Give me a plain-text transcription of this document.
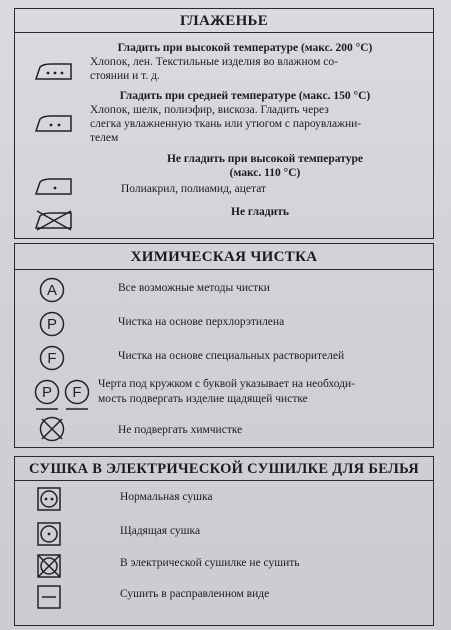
ГЛАЖЕНЬЕ
Гладить при высокой температуре (макс. 200 °С)
Хлопок, лен. Текстильные изделия во влажном со-
стоянии и т. д.
Гладить при средней температуре (макс. 150 °С)
Хлопок, шелк, полиэфир, вискоза. Гладить через
слегка увлажненную ткань или утюгом с пароувлажни-
телем
Не гладить при высокой температуре
(макс. 110 °С)
Полиакрил, полиамид, ацетат
Не гладить
ХИМИЧЕСКАЯ ЧИСТКА
A	Все возможные методы чистки
P	Чистка на основе перхлорэтилена
F	Чистка на основе специальных растворителей
P F Черта под кружком с буквой указывает на необходи-
мость подвергать изделие щадящей чистке
Не подвергать химчистке
СУШКА В ЭЛЕКТРИЧЕСКОЙ СУШИЛКЕ ДЛЯ БЕЛЬЯ
Нормальная сушка
Щадящая сушка
В электрической сушилке не сушить
Сушить в расправленном виде
